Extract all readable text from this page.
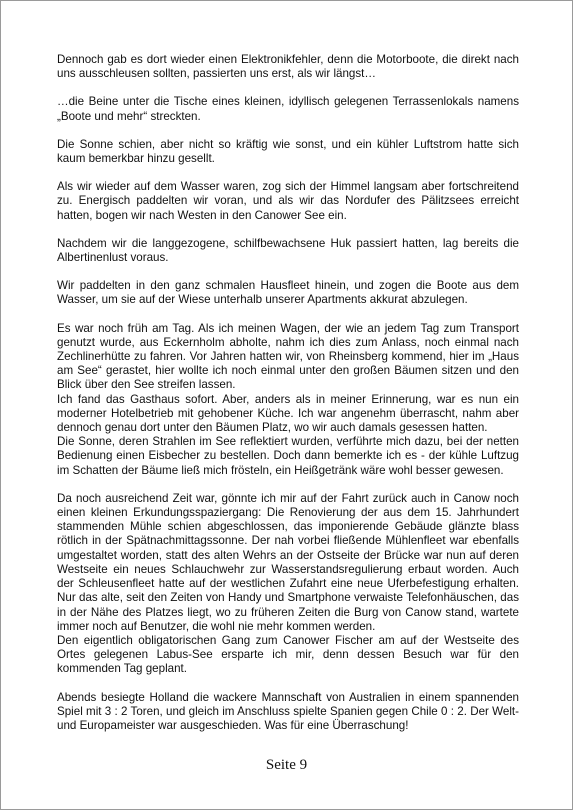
Dennoch gab es dort wieder einen Elektronikfehler, denn die Motorboote, die direkt nach uns ausschleusen sollten, passierten uns erst, als wir längst…

…die Beine unter die Tische eines kleinen, idyllisch gelegenen Terrassenlokals namens „Boote und mehr“ streckten.

Die Sonne schien, aber nicht so kräftig wie sonst, und ein kühler Luftstrom hatte sich kaum bemerkbar hinzu gesellt.

Als wir wieder auf dem Wasser waren, zog sich der Himmel langsam aber fortschreitend zu. Energisch paddelten wir voran, und als wir das Nordufer des Pälitzsees erreicht hatten, bogen wir nach Westen in den Canower See ein.

Nachdem wir die langgezogene, schilfbewachsene Huk passiert hatten, lag bereits die Albertinenlust voraus.

Wir paddelten in den ganz schmalen Hausfleet hinein, und zogen die Boote aus dem Wasser, um sie auf der Wiese unterhalb unserer Apartments akkurat abzulegen.

Es war noch früh am Tag. Als ich meinen Wagen, der wie an jedem Tag zum Transport genutzt wurde, aus Eckernholm abholte, nahm ich dies zum Anlass, noch einmal nach Zechlinerhütte zu fahren. Vor Jahren hatten wir, von Rheinsberg kommend, hier im „Haus am See“ gerastet, hier wollte ich noch einmal unter den großen Bäumen sitzen und den Blick über den See streifen lassen.

Ich fand das Gasthaus sofort. Aber, anders als in meiner Erinnerung, war es nun ein moderner Hotelbetrieb mit gehobener Küche. Ich war angenehm überrascht, nahm aber dennoch genau dort unter den Bäumen Platz, wo wir auch damals gesessen hatten.

Die Sonne, deren Strahlen im See reflektiert wurden, verführte mich dazu, bei der netten Bedienung einen Eisbecher zu bestellen. Doch dann bemerkte ich es - der kühle Luftzug im Schatten der Bäume ließ mich frösteln, ein Heißgetränk wäre wohl besser gewesen.

Da noch ausreichend Zeit war, gönnte ich mir auf der Fahrt zurück auch in Canow noch einen kleinen Erkundungsspaziergang: Die Renovierung der aus dem 15. Jahrhundert stammenden Mühle schien abgeschlossen, das imponierende Gebäude glänzte blass rötlich in der Spätnachmittagssonne. Der nah vorbei fließende Mühlenfleet war ebenfalls umgestaltet worden, statt des alten Wehrs an der Ostseite der Brücke war nun auf deren Westseite ein neues Schlauchwehr zur Wasserstandsregulierung erbaut worden. Auch der Schleusenfleet hatte auf der westlichen Zufahrt eine neue Uferbefestigung erhalten. Nur das alte, seit den Zeiten von Handy und Smartphone verwaiste Telefonhäuschen, das in der Nähe des Platzes liegt, wo zu früheren Zeiten die Burg von Canow stand, wartete immer noch auf Benutzer, die wohl nie mehr kommen werden.

Den eigentlich obligatorischen Gang zum Canower Fischer am auf der Westseite des Ortes gelegenen Labus-See ersparte ich mir, denn dessen Besuch war für den kommenden Tag geplant.

Abends besiegte Holland die wackere Mannschaft von Australien in einem spannenden Spiel mit 3 : 2 Toren, und gleich im Anschluss spielte Spanien gegen Chile 0 : 2. Der Welt- und Europameister war ausgeschieden. Was für eine Überraschung!

Seite 9
